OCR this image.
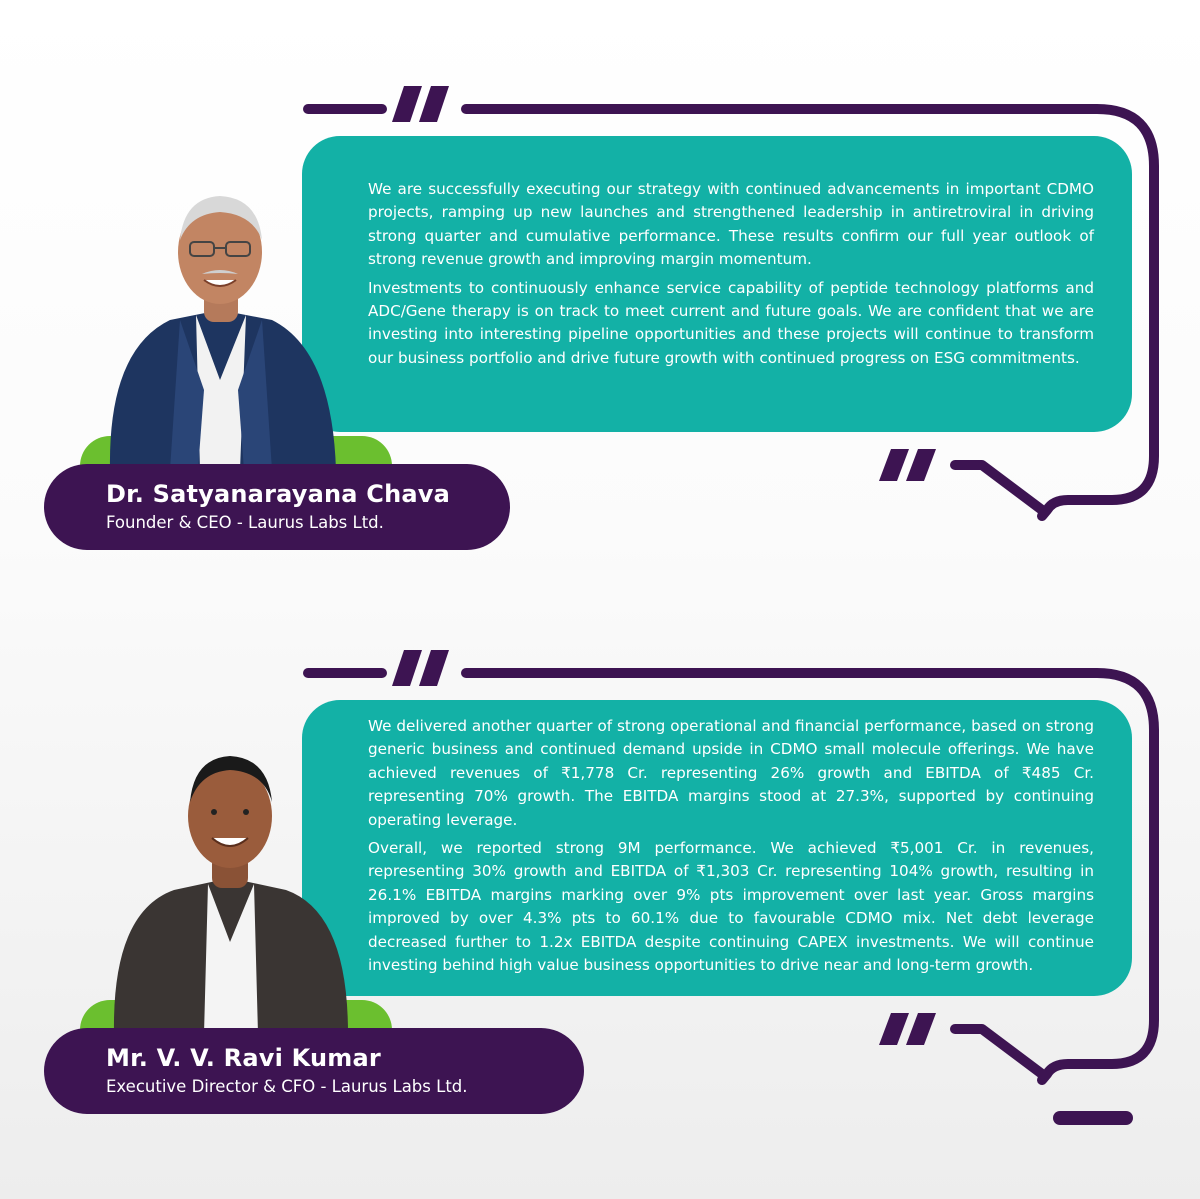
We are successfully executing our strategy with continued advancements in important CDMO projects, ramping up new launches and strengthened leadership in antiretroviral in driving strong quarter and cumulative performance. These results confirm our full year outlook of strong revenue growth and improving margin momentum.

Investments to continuously enhance service capability of peptide technology platforms and ADC/Gene therapy is on track to meet current and future goals. We are confident that we are investing into interesting pipeline opportunities and these projects will continue to transform our business portfolio and drive future growth with continued progress on ESG commitments.

Dr. Satyanarayana Chava
Founder & CEO - Laurus Labs Ltd.

We delivered another quarter of strong operational and financial performance, based on strong generic business and continued demand upside in CDMO small molecule offerings. We have achieved revenues of ₹1,778 Cr. representing 26% growth and EBITDA of ₹485 Cr. representing 70% growth. The EBITDA margins stood at 27.3%, supported by continuing operating leverage.

Overall, we reported strong 9M performance. We achieved ₹5,001 Cr. in revenues, representing 30% growth and EBITDA of ₹1,303 Cr. representing 104% growth, resulting in 26.1% EBITDA margins marking over 9% pts improvement over last year. Gross margins improved by over 4.3% pts to 60.1% due to favourable CDMO mix. Net debt leverage decreased further to 1.2x EBITDA despite continuing CAPEX investments. We will continue investing behind high value business opportunities to drive near and long-term growth.

Mr. V. V. Ravi Kumar
Executive Director & CFO - Laurus Labs Ltd.
